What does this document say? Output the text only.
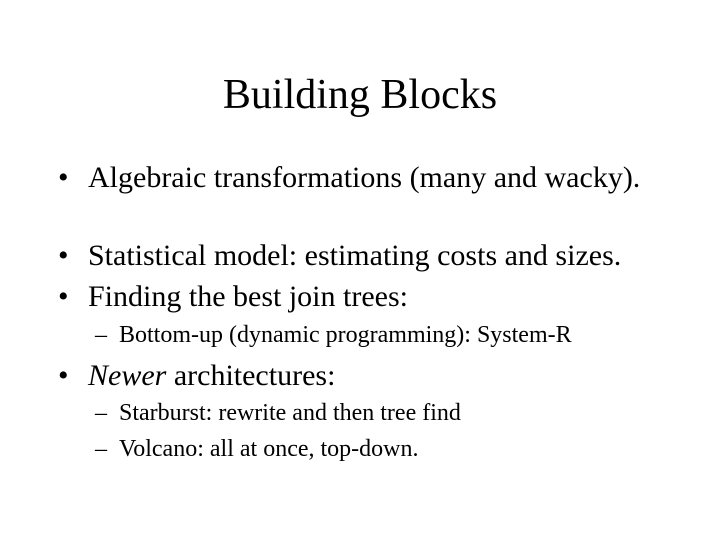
Building Blocks
• Algebraic transformations (many and wacky).
• Statistical model: estimating costs and sizes.
• Finding the best join trees:
– Bottom-up (dynamic programming): System-R
• Newer architectures:
– Starburst: rewrite and then tree find
– Volcano: all at once, top-down.
